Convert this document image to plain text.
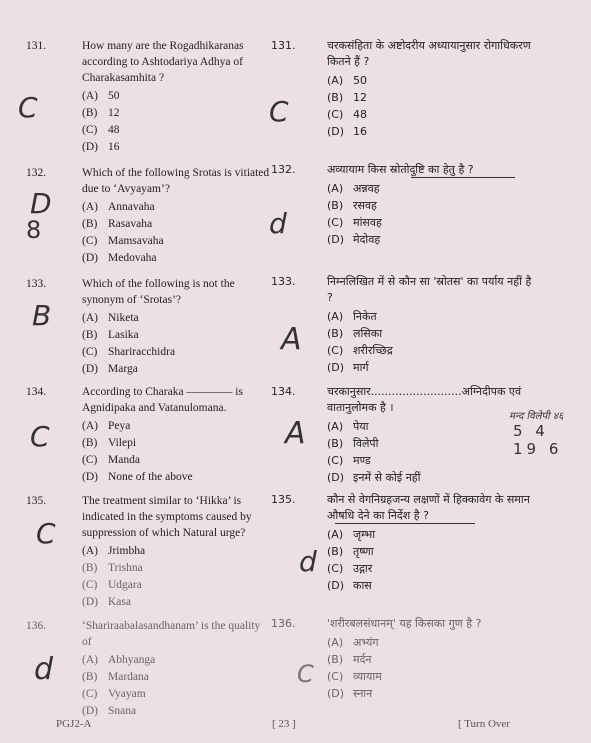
131.	How many are the Rogadhikaranas according to Ashtodariya Adhya of Charakasamhita ?
(A) 50
(B) 12
(C) 48
(D) 16
C
132.	Which of the following Srotas is vitiated due to ‘Avyayam’?
(A) Annavaha
(B) Rasavaha
(C) Mamsavaha
(D) Medovaha
D
8
133.	Which of the following is not the synonym of ‘Srotas’?
(A) Niketa
(B) Lasika
(C) Shariracchidra
(D) Marga
B
134.	According to Charaka ———— is Agnidipaka and Vatanulomana.
(A) Peya
(B) Vilepi
(C) Manda
(D) None of the above
C
135.	The treatment similar to ‘Hikka’ is indicated in the symptoms caused by suppression of which Natural urge?
(A) Jrimbha
(B) Trishna
(C) Udgara
(D) Kasa
C
136.	‘Shariraabalasandhanam’ is the quality of
(A) Abhyanga
(B) Mardana
(C) Vyayam
(D) Snana
d
131.	चरकसंहिता के अष्टोदरीय अध्यायानुसार रोगाधिकरण कितने हैं ?
(A) 50
(B) 12
(C) 48
(D) 16
C
132.	अव्यायाम किस स्रोतोदुष्टि का हेतु है ?
(A) अन्नवह
(B) रसवह
(C) मांसवह
(D) मेदोवह
d
133.	निम्नलिखित में से कौन सा 'स्रोतस' का पर्याय नहीं है ?
(A) निकेत
(B) लसिका
(C) शरीरच्छिद्र
(D) मार्ग
A
134.	चरकानुसार..........................अग्निदीपक एवं वातानुलोमक है ।
(A) पेया
(B) विलेपी
(C) मण्ड
(D) इनमें से कोई नहीं
A	मन्द विलेपी ४६
5 4 19 6
135.	कौन से वेगनिग्रहजन्य लक्षणों में हिक्कावेग के समान औषधि देने का निर्देश है ?
(A) जृम्भा
(B) तृष्णा
(C) उद्गार
(D) कास
d
136.	'शरीरबलसंधानम्' यह किसका गुण है ?
(A) अभ्यंग
(B) मर्दन
(C) व्यायाम
(D) स्नान
C
PGJ2-A	[ 23 ]	[ Turn Over
